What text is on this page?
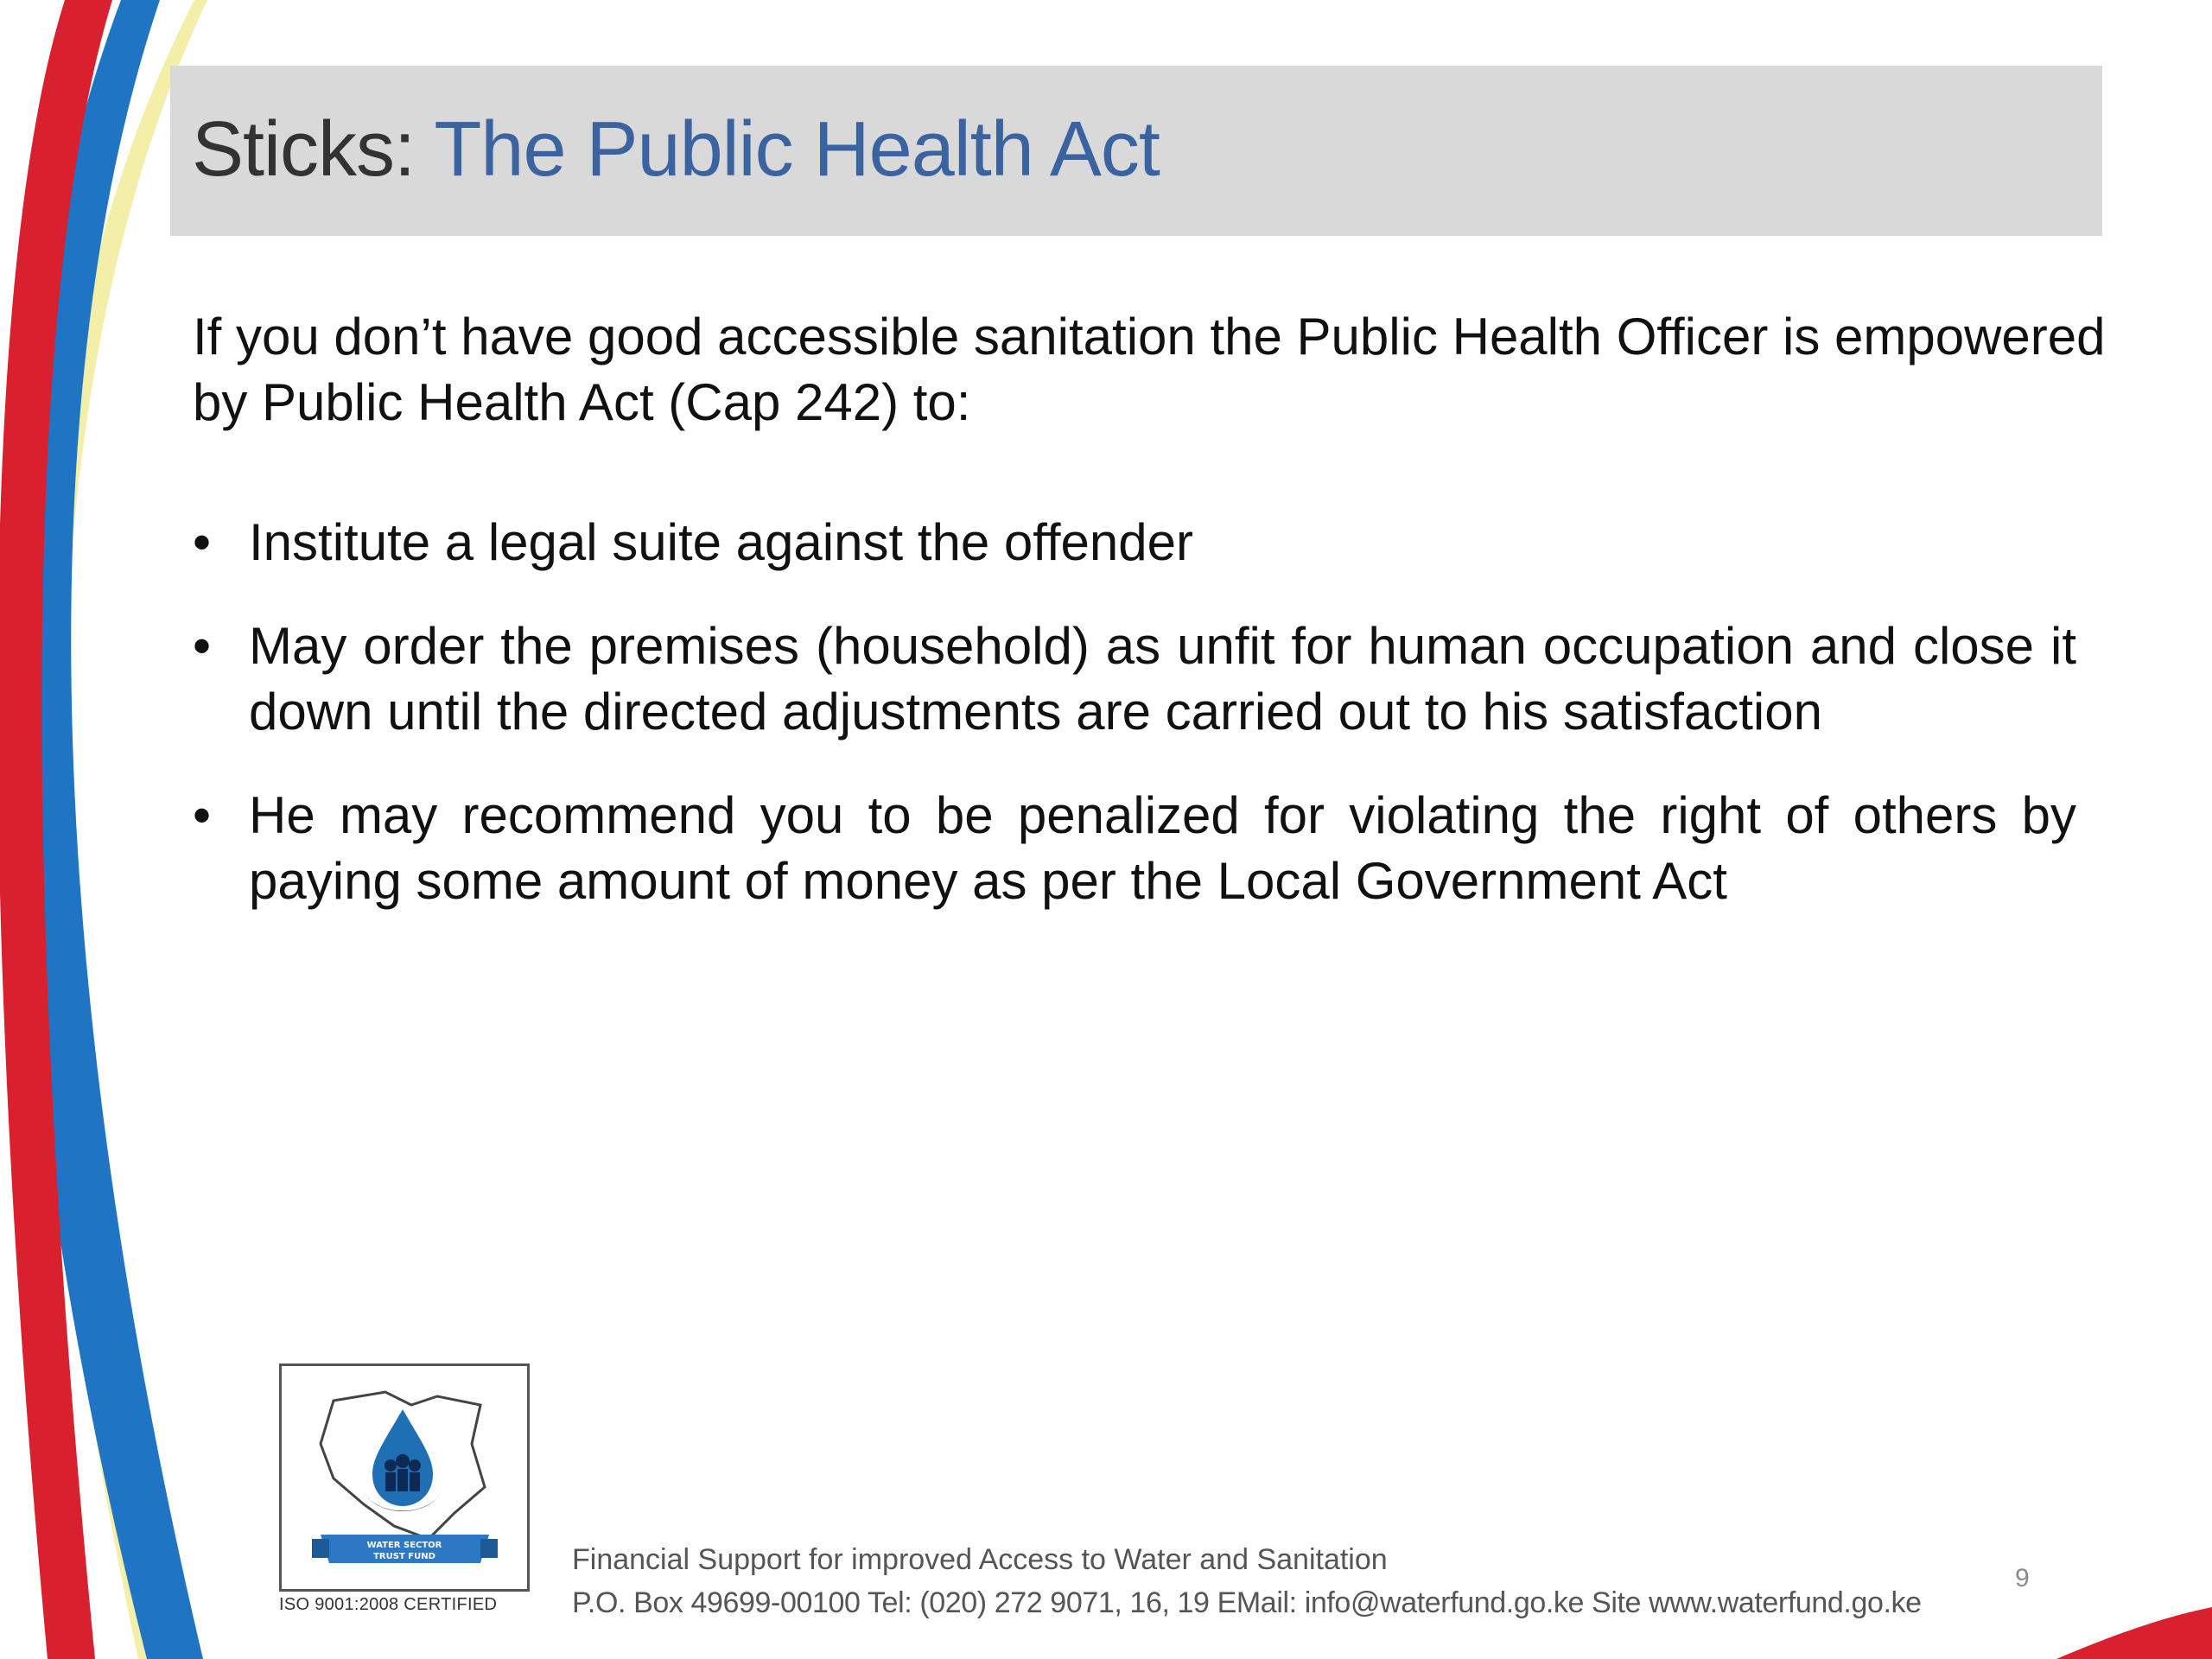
Sticks: The Public Health Act

If you don’t have good accessible sanitation the Public Health Officer is empowered by Public Health Act (Cap 242) to:

• Institute a legal suite against the offender
• May order the premises (household) as unfit for human occupation and close it down until the directed adjustments are carried out to his satisfaction
• He may recommend you to be penalized for violating the right of others by paying some amount of money as per the Local Government Act
WATER SECTOR
TRUST FUND
ISO 9001:2008 CERTIFIED
Financial Support for improved Access to Water and Sanitation
P.O. Box 49699-00100 Tel: (020) 272 9071, 16, 19 EMail: info@waterfund.go.ke Site www.waterfund.go.ke
9
